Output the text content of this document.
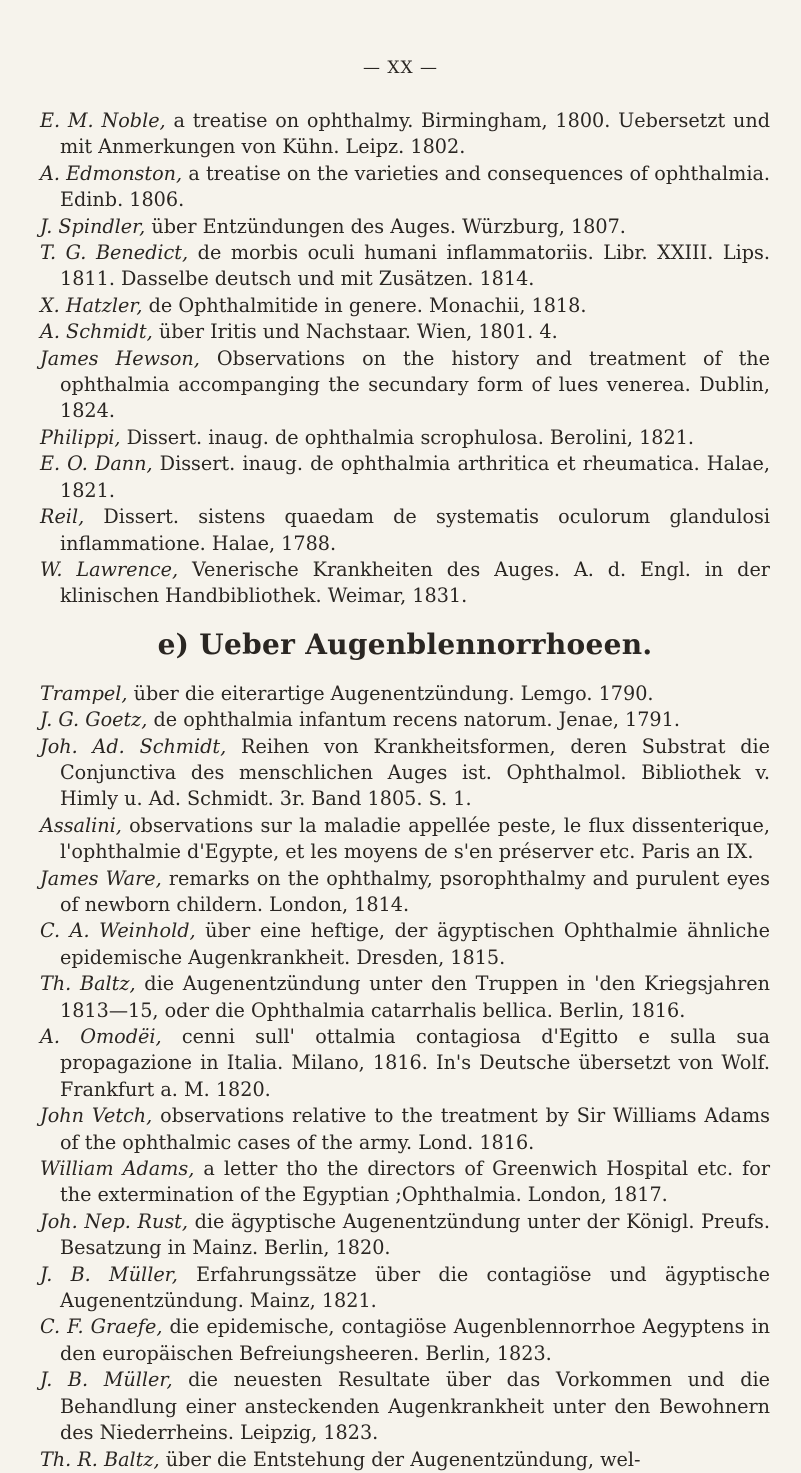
— XX —

E. M. Noble, a treatise on ophthalmy. Birmingham, 1800. Uebersetzt und mit Anmerkungen von Kühn. Leipz. 1802.

A. Edmonston, a treatise on the varieties and consequences of ophthalmia. Edinb. 1806.

J. Spindler, über Entzündungen des Auges. Würzburg, 1807.

T. G. Benedict, de morbis oculi humani inflammatoriis. Libr. XXIII. Lips. 1811. Dasselbe deutsch und mit Zusätzen. 1814.

X. Hatzler, de Ophthalmitide in genere. Monachii, 1818.

A. Schmidt, über Iritis und Nachstaar. Wien, 1801. 4.

James Hewson, Observations on the history and treatment of the ophthalmia accompanging the secundary form of lues venerea. Dublin, 1824.

Philippi, Dissert. inaug. de ophthalmia scrophulosa. Berolini, 1821.

E. O. Dann, Dissert. inaug. de ophthalmia arthritica et rheumatica. Halae, 1821.

Reil, Dissert. sistens quaedam de systematis oculorum glandulosi inflammatione. Halae, 1788.

W. Lawrence, Venerische Krankheiten des Auges. A. d. Engl. in der klinischen Handbibliothek. Weimar, 1831.

e) Ueber Augenblennorrhoeen.

Trampel, über die eiterartige Augenentzündung. Lemgo. 1790.

J. G. Goetz, de ophthalmia infantum recens natorum. Jenae, 1791.

Joh. Ad. Schmidt, Reihen von Krankheitsformen, deren Substrat die Conjunctiva des menschlichen Auges ist. Ophthalmol. Bibliothek v. Himly u. Ad. Schmidt. 3r. Band 1805. S. 1.

Assalini, observations sur la maladie appellée peste, le flux dissenterique, l'ophthalmie d'Egypte, et les moyens de s'en préserver etc. Paris an IX.

James Ware, remarks on the ophthalmy, psorophthalmy and purulent eyes of newborn childern. London, 1814.

C. A. Weinhold, über eine heftige, der ägyptischen Ophthalmie ähnliche epidemische Augenkrankheit. Dresden, 1815.

Th. Baltz, die Augenentzündung unter den Truppen in 'den Kriegsjahren 1813—15, oder die Ophthalmia catarrhalis bellica. Berlin, 1816.

A. Omodëi, cenni sull' ottalmia contagiosa d'Egitto e sulla sua propagazione in Italia. Milano, 1816. In's Deutsche übersetzt von Wolf. Frankfurt a. M. 1820.

John Vetch, observations relative to the treatment by Sir Williams Adams of the ophthalmic cases of the army. Lond. 1816.

William Adams, a letter tho the directors of Greenwich Hospital etc. for the extermination of the Egyptian ;Ophthalmia. London, 1817.

Joh. Nep. Rust, die ägyptische Augenentzündung unter der Königl. Preufs. Besatzung in Mainz. Berlin, 1820.

J. B. Müller, Erfahrungssätze über die contagiöse und ägyptische Augenentzündung. Mainz, 1821.

C. F. Graefe, die epidemische, contagiöse Augenblennorrhoe Aegyptens in den europäischen Befreiungsheeren. Berlin, 1823.

J. B. Müller, die neuesten Resultate über das Vorkommen und die Behandlung einer ansteckenden Augenkrankheit unter den Bewohnern des Niederrheins. Leipzig, 1823.

Th. R. Baltz, über die Entstehung der Augenentzündung, wel-
